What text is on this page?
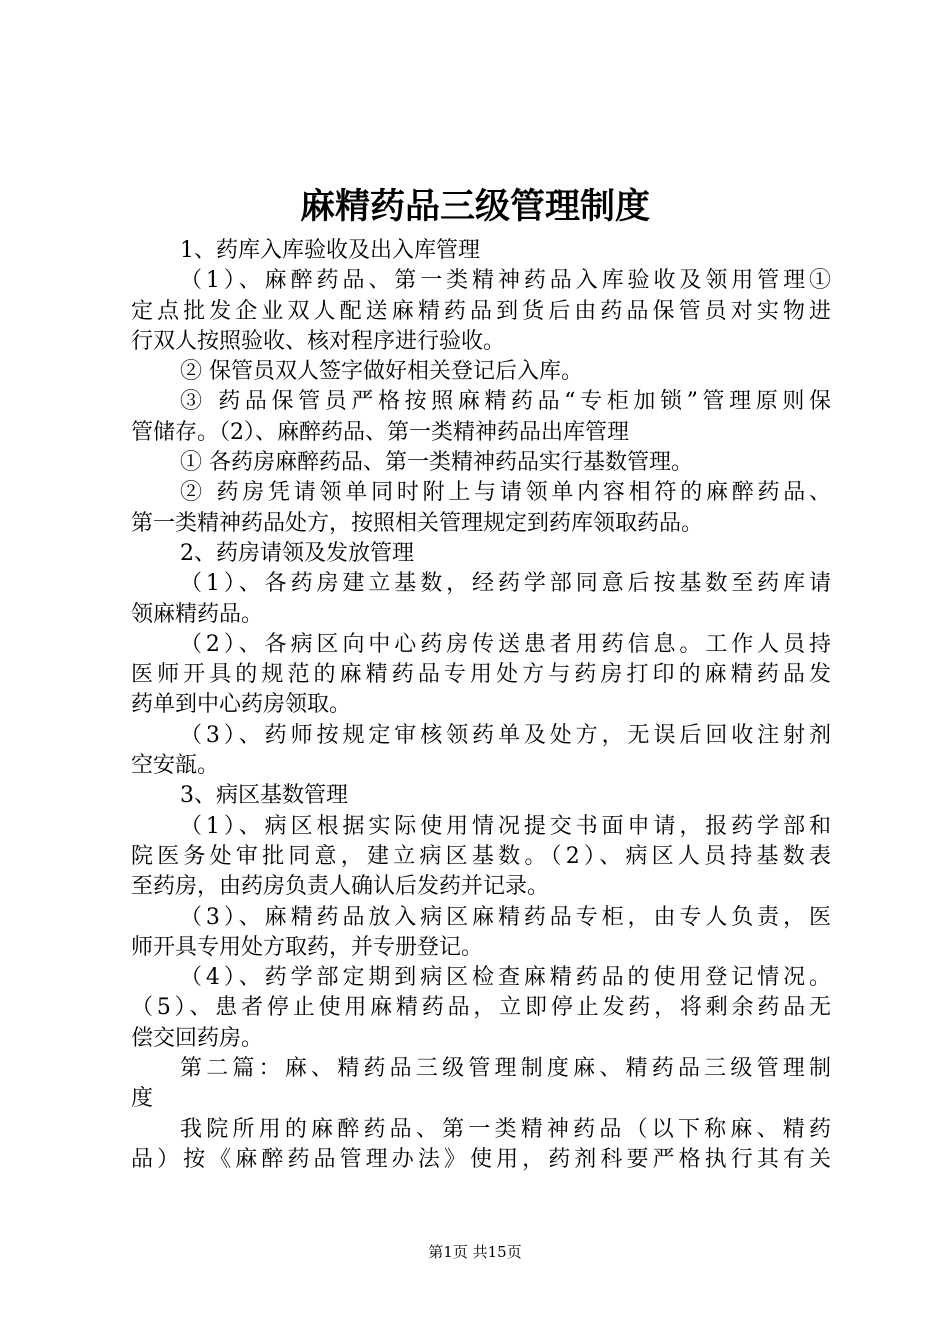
麻精药品三级管理制度
1、药库入库验收及出入库管理
（1）、麻醉药品、第一类精神药品入库验收及领用管理①
定点批发企业双人配送麻精药品到货后由药品保管员对实物进
行双人按照验收、核对程序进行验收。
② 保管员双人签字做好相关登记后入库。
③ 药品保管员严格按照麻精药品“专柜加锁”管理原则保
管储存。（2）、麻醉药品、第一类精神药品出库管理
① 各药房麻醉药品、第一类精神药品实行基数管理。
② 药房凭请领单同时附上与请领单内容相符的麻醉药品、
第一类精神药品处方，按照相关管理规定到药库领取药品。
2、药房请领及发放管理
（1）、各药房建立基数，经药学部同意后按基数至药库请
领麻精药品。
（2）、各病区向中心药房传送患者用药信息。工作人员持
医师开具的规范的麻精药品专用处方与药房打印的麻精药品发
药单到中心药房领取。
（3）、药师按规定审核领药单及处方，无误后回收注射剂
空安瓿。
3、病区基数管理
（1）、病区根据实际使用情况提交书面申请，报药学部和
院医务处审批同意，建立病区基数。（2）、病区人员持基数表
至药房，由药房负责人确认后发药并记录。
（3）、麻精药品放入病区麻精药品专柜，由专人负责，医
师开具专用处方取药，并专册登记。
（4）、药学部定期到病区检查麻精药品的使用登记情况。
（5）、患者停止使用麻精药品，立即停止发药，将剩余药品无
偿交回药房。
第二篇：麻、精药品三级管理制度麻、精药品三级管理制
度
我院所用的麻醉药品、第一类精神药品（以下称麻、精药
品）按《麻醉药品管理办法》使用，药剂科要严格执行其有关
第1页 共15页
